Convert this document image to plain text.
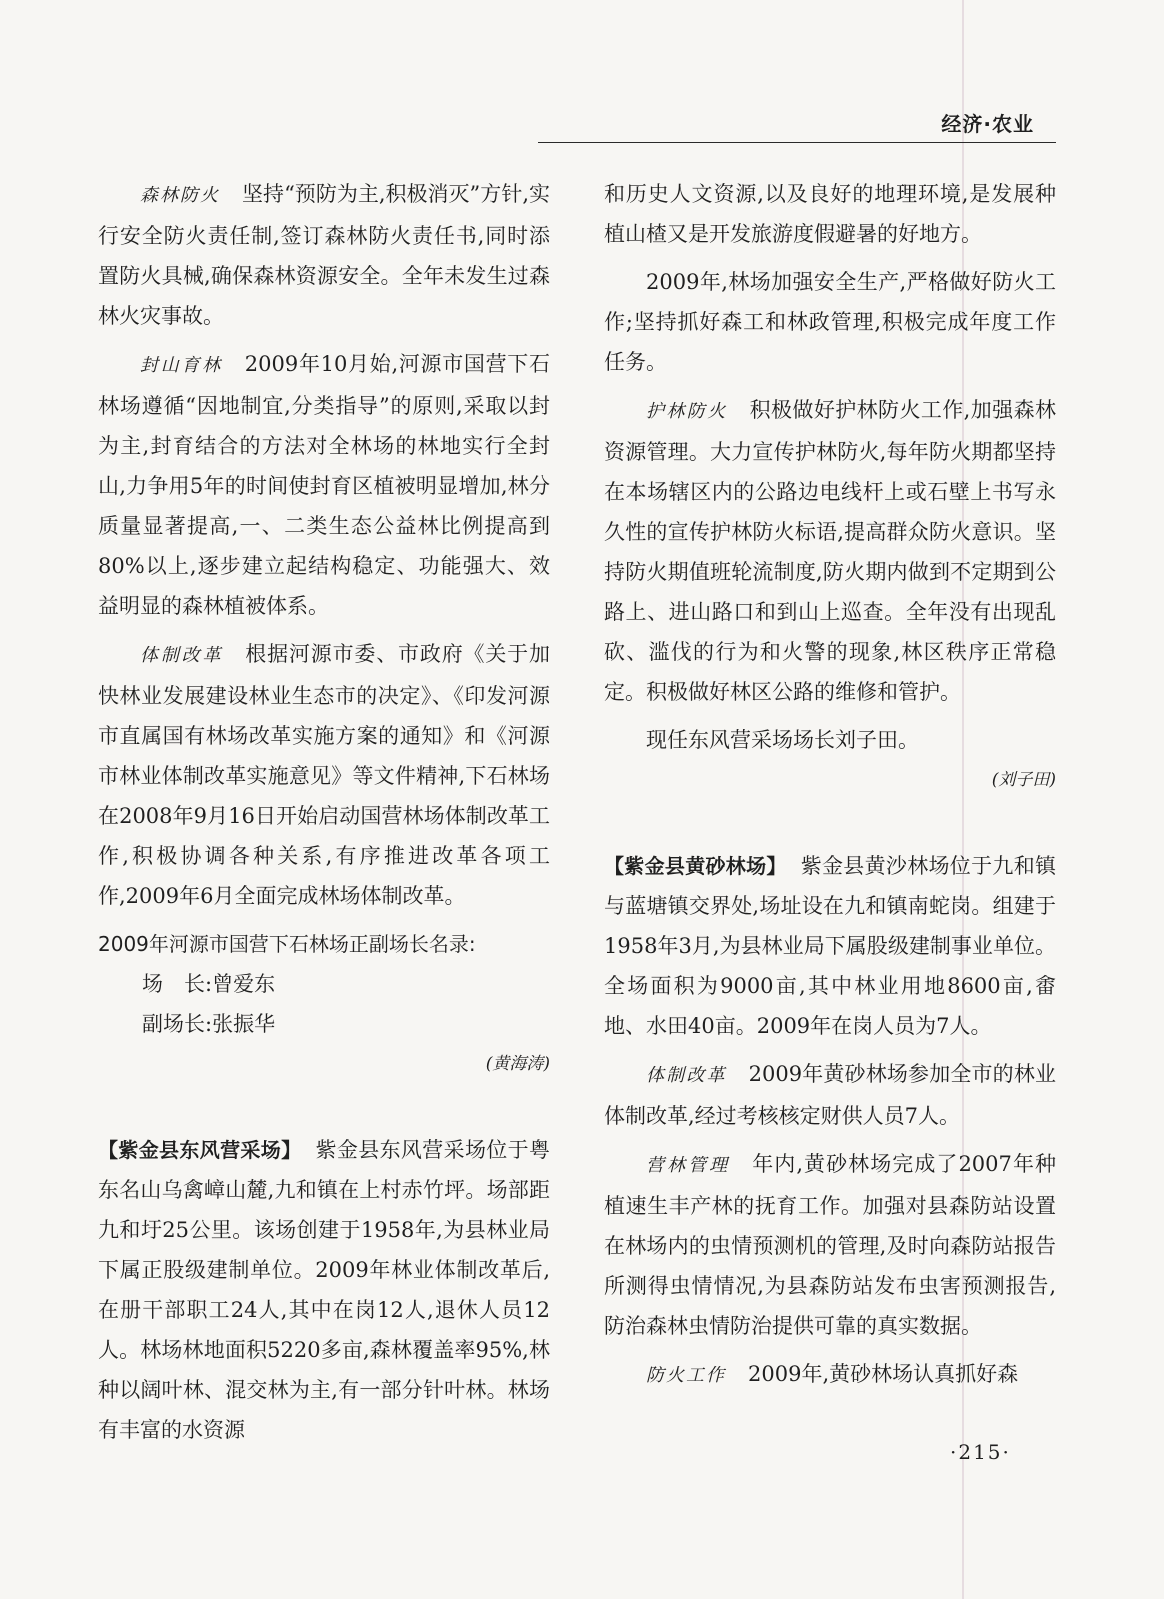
经济·农业

森林防火 坚持“预防为主,积极消灭”方针,实行安全防火责任制,签订森林防火责任书,同时添置防火具械,确保森林资源安全。全年未发生过森林火灾事故。

封山育林 2009年10月始,河源市国营下石林场遵循“因地制宜,分类指导”的原则,采取以封为主,封育结合的方法对全林场的林地实行全封山,力争用5年的时间使封育区植被明显增加,林分质量显著提高,一、二类生态公益林比例提高到80%以上,逐步建立起结构稳定、功能强大、效益明显的森林植被体系。

体制改革 根据河源市委、市政府《关于加快林业发展建设林业生态市的决定》、《印发河源市直属国有林场改革实施方案的通知》和《河源市林业体制改革实施意见》等文件精神,下石林场在2008年9月16日开始启动国营林场体制改革工作,积极协调各种关系,有序推进改革各项工作,2009年6月全面完成林场体制改革。

2009年河源市国营下石林场正副场长名录:

场　长:曾爱东

副场长:张振华

(黄海涛)

【紫金县东风营采场】 紫金县东风营采场位于粤东名山乌禽嶂山麓,九和镇在上村赤竹坪。场部距九和圩25公里。该场创建于1958年,为县林业局下属正股级建制单位。2009年林业体制改革后,在册干部职工24人,其中在岗12人,退休人员12人。林场林地面积5220多亩,森林覆盖率95%,林种以阔叶林、混交林为主,有一部分针叶林。林场有丰富的水资源

和历史人文资源,以及良好的地理环境,是发展种植山楂又是开发旅游度假避暑的好地方。

2009年,林场加强安全生产,严格做好防火工作;坚持抓好森工和林政管理,积极完成年度工作任务。

护林防火 积极做好护林防火工作,加强森林资源管理。大力宣传护林防火,每年防火期都坚持在本场辖区内的公路边电线杆上或石壁上书写永久性的宣传护林防火标语,提高群众防火意识。坚持防火期值班轮流制度,防火期内做到不定期到公路上、进山路口和到山上巡查。全年没有出现乱砍、滥伐的行为和火警的现象,林区秩序正常稳定。积极做好林区公路的维修和管护。

现任东风营采场场长刘子田。

(刘子田)

【紫金县黄砂林场】 紫金县黄沙林场位于九和镇与蓝塘镇交界处,场址设在九和镇南蛇岗。组建于1958年3月,为县林业局下属股级建制事业单位。全场面积为9000亩,其中林业用地8600亩,畬地、水田40亩。2009年在岗人员为7人。

体制改革 2009年黄砂林场参加全市的林业体制改革,经过考核核定财供人员7人。

营林管理 年内,黄砂林场完成了2007年种植速生丰产林的抚育工作。加强对县森防站设置在林场内的虫情预测机的管理,及时向森防站报告所测得虫情情况,为县森防站发布虫害预测报告,防治森林虫情防治提供可靠的真实数据。

防火工作 2009年,黄砂林场认真抓好森

·215·
